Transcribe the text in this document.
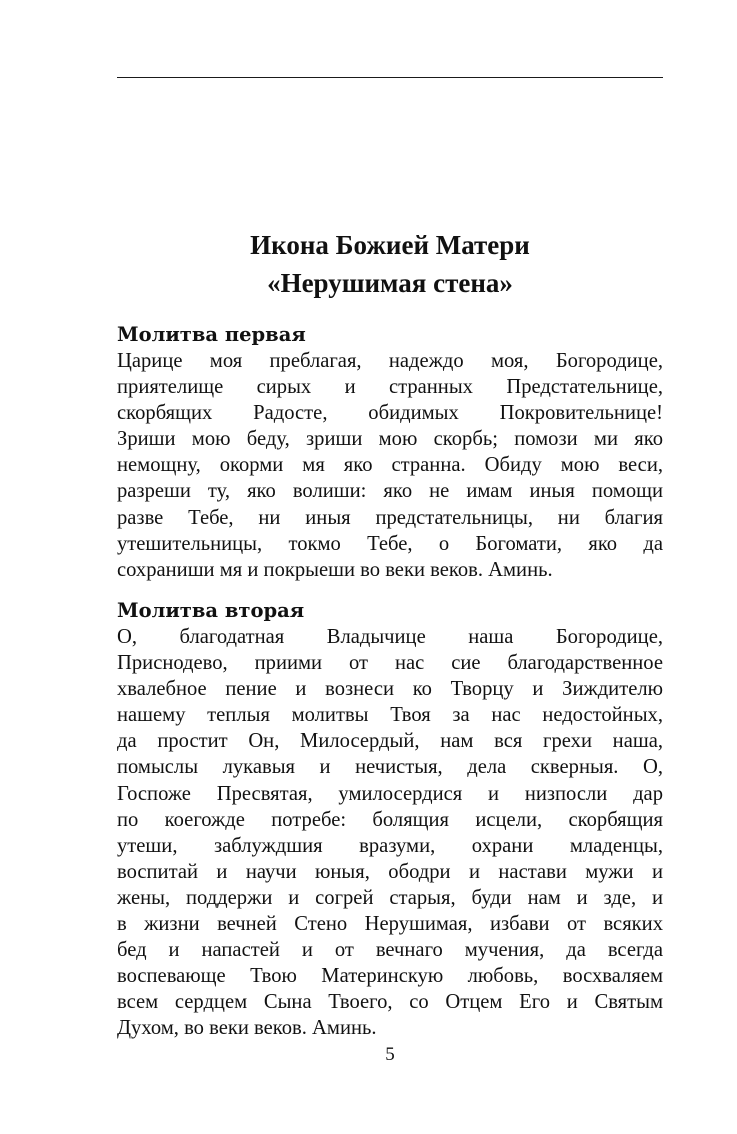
Икона Божией Матери
«Нерушимая стена»

Молитва первая

Царице моя преблагая, надеждо моя, Богородице,
приятелище сирых и странных Предстательнице,
скорбящих Радосте, обидимых Покровительнице!
Зриши мою беду, зриши мою скорбь; помози ми яко
немощну, окорми мя яко странна. Обиду мою веси,
разреши ту, яко волиши: яко не имам иныя помощи
разве Тебе, ни иныя предстательницы, ни благия
утешительницы, токмо Тебе, о Богомати, яко да
сохраниши мя и покрыеши во веки веков. Аминь.

Молитва вторая

О, благодатная Владычице наша Богородице,
Приснодево, приими от нас сие благодарственное
хвалебное пение и вознеси ко Творцу и Зиждителю
нашему теплыя молитвы Твоя за нас недостойных,
да простит Он, Милосердый, нам вся грехи наша,
помыслы лукавыя и нечистыя, дела скверныя. О,
Госпоже Пресвятая, умилосердися и низпосли дар
по коегожде потребе: болящия исцели, скорбящия
утеши, заблуждшия вразуми, охрани младенцы,
воспитай и научи юныя, ободри и настави мужи и
жены, поддержи и согрей старыя, буди нам и зде, и
в жизни вечней Стено Нерушимая, избави от всяких
бед и напастей и от вечнаго мучения, да всегда
воспевающе Твою Материнскую любовь, восхваляем
всем сердцем Сына Твоего, со Отцем Его и Святым
Духом, во веки веков. Аминь.
5
